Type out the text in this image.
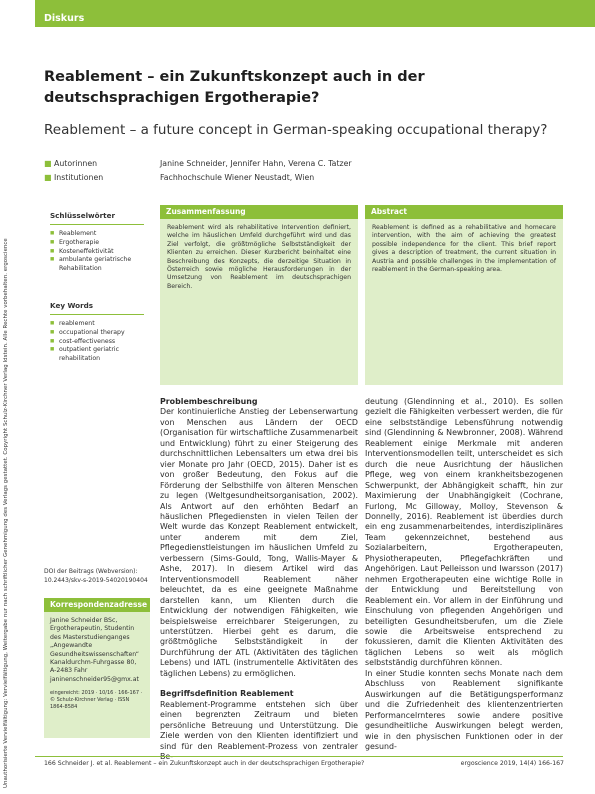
Unauthorisierte Vervielfältigung: Vervielfältigung, Weitergabe nur nach schriftlicher Genehmigung des Verlags gestattet. Copyright Schulz-Kirchner Verlag Idstein. Alle Rechte vorbehalten. ergoscience
Diskurs
Reablement – ein Zukunftskonzept auch in der deutschsprachigen Ergotherapie?
Reablement – a future concept in German-speaking occupational therapy?
■ Autorinnen	Janine Schneider, Jennifer Hahn, Verena C. Tatzer
■ Institutionen	Fachhochschule Wiener Neustadt, Wien
Schlüsselwörter
■ Reablement
■ Ergotherapie
■ Kosteneffektivität
■ ambulante geriatrische Rehabilitation
Key Words
■ reablement
■ occupational therapy
■ cost-effectiveness
■ outpatient geriatric rehabilitation
Zusammenfassung
Reablement wird als rehabilitative Intervention definiert, welche im häuslichen Umfeld durchgeführt wird und das Ziel verfolgt, die größtmögliche Selbstständigkeit der Klienten zu erreichen. Dieser Kurzbericht beinhaltet eine Beschreibung des Konzepts, die derzeitige Situation in Österreich sowie mögliche Herausforderungen in der Umsetzung von Reablement im deutschsprachigen Bereich.
Abstract
Reablement is defined as a rehabilitative and homecare intervention, with the aim of achieving the greatest possible independence for the client. This brief report gives a description of treatment, the current situation in Austria and possible challenges in the implementation of reablement in the German-speaking area.
Problembeschreibung
Der kontinuierliche Anstieg der Lebenserwartung von Menschen aus Ländern der OECD (Organisation für wirtschaftliche Zusammenarbeit und Entwicklung) führt zu einer Steigerung des durchschnittlichen Lebensalters um etwa drei bis vier Monate pro Jahr (OECD, 2015). Daher ist es von großer Bedeutung, den Fokus auf die Förderung der Selbsthilfe von älteren Menschen zu legen (Weltgesundheitsorganisation, 2002). Als Antwort auf den erhöhten Bedarf an häuslichen Pflegediensten in vielen Teilen der Welt wurde das Konzept Reablement entwickelt, unter anderem mit dem Ziel, Pflegedienstleistungen im häuslichen Umfeld zu verbessern (Sims-Gould, Tong, Wallis-Mayer & Ashe, 2017). In diesem Artikel wird das Interventionsmodell Reablement näher beleuchtet, da es eine geeignete Maßnahme darstellen kann, um Klienten durch die Entwicklung der notwendigen Fähigkeiten, wie beispielsweise erreichbarer Steigerungen, zu unterstützen. Hierbei geht es darum, die größtmögliche Selbstständigkeit in der Durchführung der ATL (Aktivitäten des täglichen Lebens) und IATL (instrumentelle Aktivitäten des täglichen Lebens) zu ermöglichen.
Begriffsdefinition Reablement
Reablement-Programme entstehen sich über einen begrenzten Zeitraum und bieten persönliche Betreuung und Unterstützung. Die Ziele werden von den Klienten identifiziert und sind für den Reablement-Prozess von zentraler
deutung (Glendinning et al., 2010). Es sollen gezielt die Fähigkeiten verbessert werden, die für eine selbstständige Lebensführung notwendig sind (Glendinning & Newbronner, 2008). Während Reablement einige Merkmale mit anderen Interventionsmodellen teilt, unterscheidet es sich durch die neue Ausrichtung der häuslichen Pflege, weg von einem krankheitsbezogenen Schwerpunkt, der Abhängigkeit schafft, hin zur Maximierung der Unabhängigkeit (Cochrane, Furlong, Mc Gilloway, Molloy, Stevenson & Donnelly, 2016). Reablement ist überdies durch ein eng zusammenarbeitendes, interdisziplinäres Team gekennzeichnet, bestehend aus Sozialarbeitern, Ergotherapeuten, Physiotherapeuten, Pflegefachkräften und Angehörigen. Laut Pelleisson und Iwarsson (2017) nehmen Ergotherapeuten eine wichtige Rolle in der Entwicklung und Bereitstellung von Reablement ein. Vor allem in der Einführung und Einschulung von pflegenden Angehörigen und beteiligten Gesundheitsberufen, um die Ziele sowie die Arbeitsweise entsprechend zu fokussieren, damit die Klienten Aktivitäten des täglichen Lebens so weit als möglich selbstständig durchführen können.
In einer Studie konnten sechs Monate nach dem Abschluss von Reablement signifikante Auswirkungen auf die Betätigungsperformanz und die Zufriedenheit des klientenzentrierten Performancelrnteres sowie andere positive gesundheitliche Auswirkungen belegt werden, wie in den physischen Funktionen oder in der gesund-
DOI der Beitrags (Webversion): 10.2443/skv-s-2019-54020190404
Korrespondenzadresse
Janine Schneider BSc, Ergotherapeutin, Studentin des Masterstudienganges „Angewandte Gesundheitswissenschaften“ Kanaldurchm-Fuhrgasse 80, A-2483 Fahr janinenschneider95@gmx.at
eingereicht: 2019 · 10/16 · 166-167 · © Schulz-Kirchner Verlag · ISSN 1864-8584
166 Schneider J. et al. Reablement – ein Zukunftskonzept auch in der deutschsprachigen Ergotherapie?	ergoscience 2019, 14(4) 166-167
